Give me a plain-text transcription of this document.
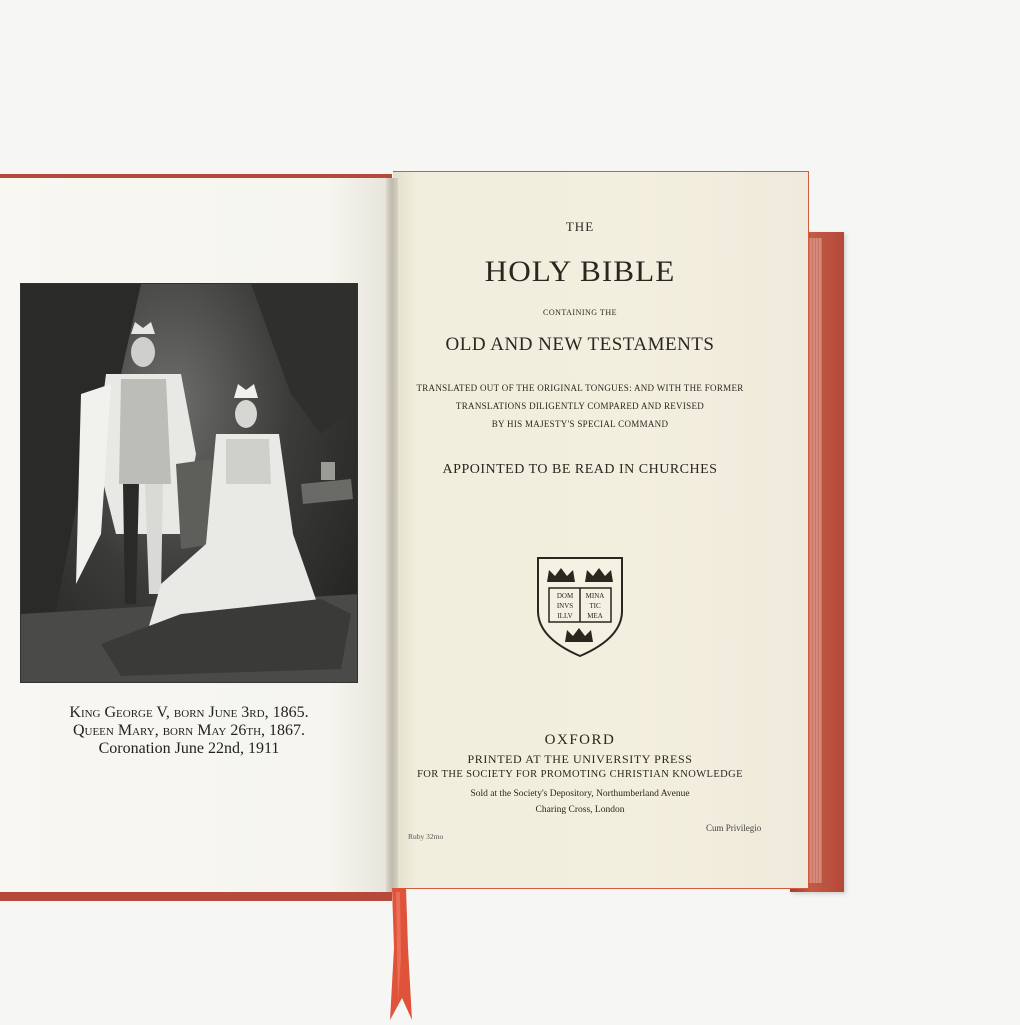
King George V, born June 3rd, 1865.
Queen Mary, born May 26th, 1867.
Coronation June 22nd, 1911
THE
HOLY BIBLE
CONTAINING THE
OLD AND NEW TESTAMENTS
TRANSLATED OUT OF THE ORIGINAL TONGUES: AND WITH THE FORMER
TRANSLATIONS DILIGENTLY COMPARED AND REVISED
BY HIS MAJESTY'S SPECIAL COMMAND
APPOINTED TO BE READ IN CHURCHES
DOM
INVS
ILLV
MINA
TIC
MEA
OXFORD
PRINTED AT THE UNIVERSITY PRESS
FOR THE SOCIETY FOR PROMOTING CHRISTIAN KNOWLEDGE
Sold at the Society's Depository, Northumberland Avenue
Charing Cross, London
Ruby 32mo
Cum Privilegio
